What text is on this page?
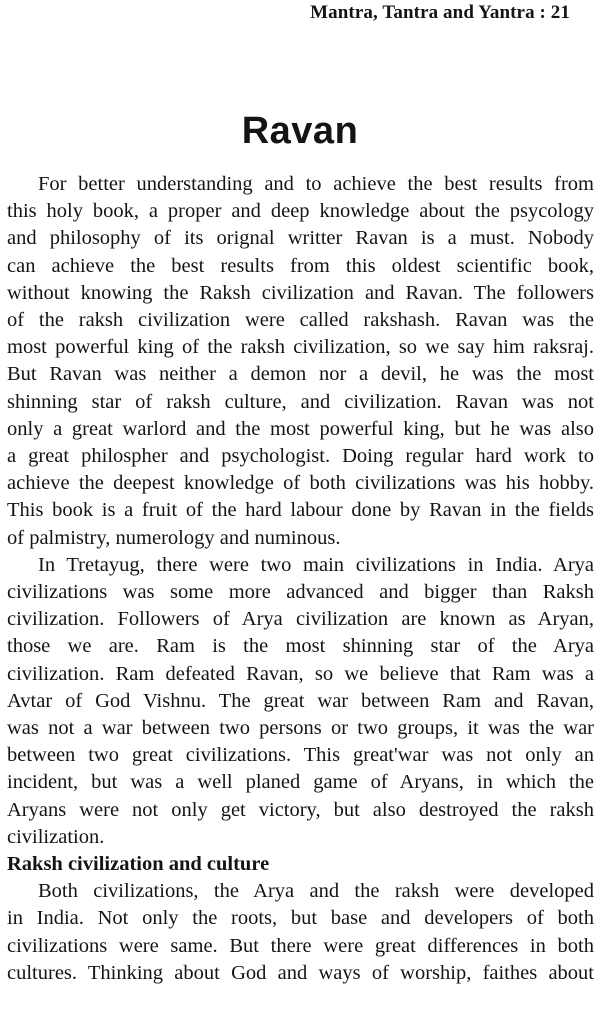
Mantra, Tantra and Yantra : 21
Ravan
For better understanding and to achieve the best results from
this holy book, a proper and deep knowledge about the psycology
and philosophy of its orignal writter Ravan is a must. Nobody
can achieve the best results from this oldest scientific book,
without knowing the Raksh civilization and Ravan. The followers
of the raksh civilization were called rakshash. Ravan was the
most powerful king of the raksh civilization, so we say him raksraj.
But Ravan was neither a demon nor a devil, he was the most
shinning star of raksh culture, and civilization. Ravan was not
only a great warlord and the most powerful king, but he was also
a great philospher and psychologist. Doing regular hard work to
achieve the deepest knowledge of both civilizations was his hobby.
This book is a fruit of the hard labour done by Ravan in the fields
of palmistry, numerology and numinous.
In Tretayug, there were two main civilizations in India. Arya
civilizations was some more advanced and bigger than Raksh
civilization. Followers of Arya civilization are known as Aryan,
those we are. Ram is the most shinning star of the Arya
civilization. Ram defeated Ravan, so we believe that Ram was a
Avtar of God Vishnu. The great war between Ram and Ravan,
was not a war between two persons or two groups, it was the war
between two great civilizations. This great'war was not only an
incident, but was a well planed game of Aryans, in which the
Aryans were not only get victory, but also destroyed the raksh
civilization.
Raksh civilization and culture
Both civilizations, the Arya and the raksh were developed
in India. Not only the roots, but base and developers of both
civilizations were same. But there were great differences in both
cultures. Thinking about God and ways of worship, faithes about
